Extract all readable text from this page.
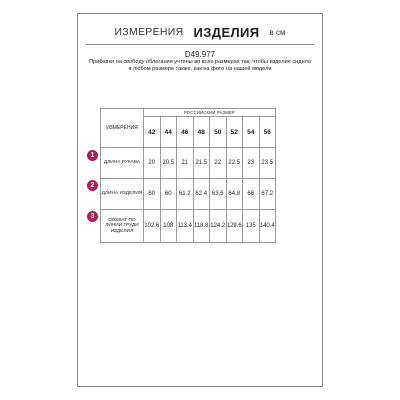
ИЗМЕРЕНИЯ ИЗДЕЛИЯ в см
D49.977
Прибавки на свободу облегания учтены во всех размерах так, чтобы изделие сидело в любом размере также, как на фото на нашей модели
ИЗМЕРЕНИЯ	РОССИЙСКИЙ РАЗМЕР							
	42	44	46	48	50	52	54	56
ДЛИНА РУКАВА	20	20.5	21	21.5	22	22.5	23	23.5
ДЛИНА ИЗДЕЛИЯ	60	60	61.2	62.4	63.6	64.8	66	67.2
ОБХВАТ ПО ЛИНИИ ГРУДИ ИЗДЕЛИЯ	102.6	108	113.4	118.8	124.2	129.6	135	140.4
1
2
3
